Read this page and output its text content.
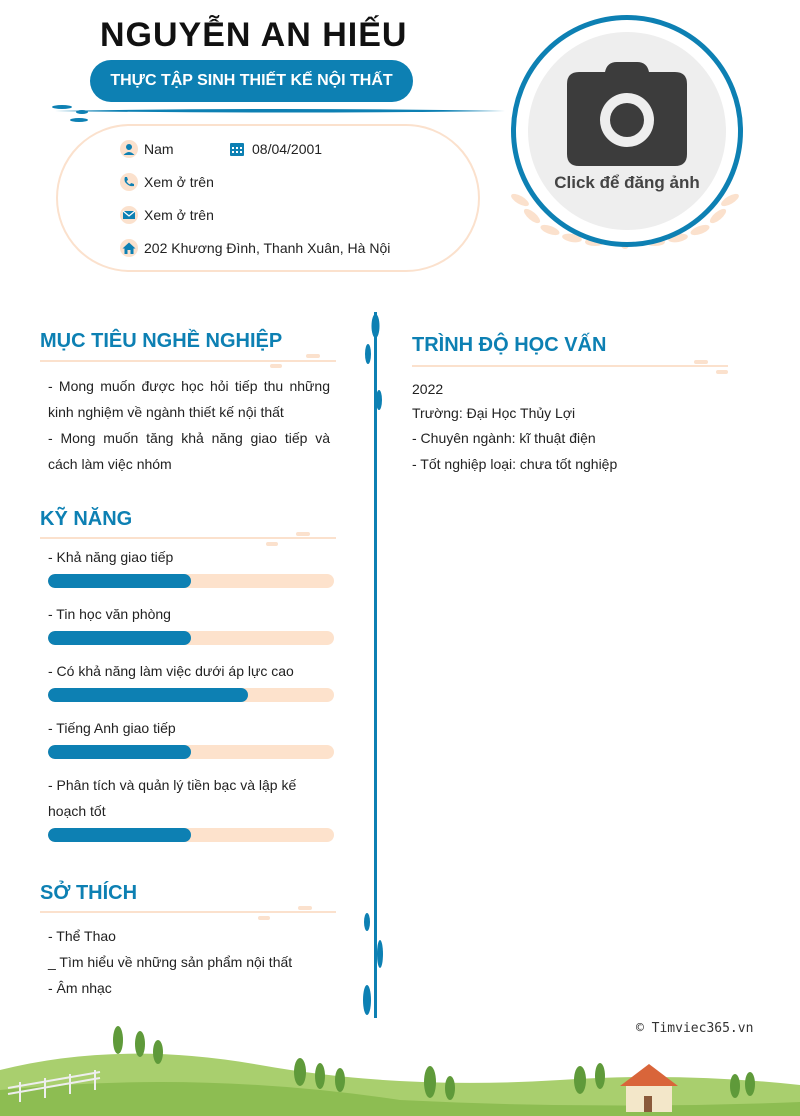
NGUYỄN AN HIẾU
THỰC TẬP SINH THIẾT KẾ NỘI THẤT
Nam	08/04/2001
Xem ở trên
Xem ở trên
202 Khương Đình, Thanh Xuân, Hà Nội
Click để đăng ảnh
MỤC TIÊU NGHỀ NGHIỆP
- Mong muốn được học hỏi tiếp thu những kinh nghiệm về ngành thiết kế nội thất
- Mong muốn tăng khả năng giao tiếp và cách làm việc nhóm
KỸ NĂNG
- Khả năng giao tiếp
- Tin học văn phòng
- Có khả năng làm việc dưới áp lực cao
- Tiếng Anh giao tiếp
- Phân tích và quản lý tiền bạc và lập kế hoạch tốt
SỞ THÍCH
- Thể Thao
_ Tìm hiểu về những sản phẩm nội thất
- Âm nhạc
TRÌNH ĐỘ HỌC VẤN
2022
Trường: Đại Học Thủy Lợi
- Chuyên ngành: kĩ thuật điện
- Tốt nghiệp loại: chưa tốt nghiệp
© Timviec365.vn
